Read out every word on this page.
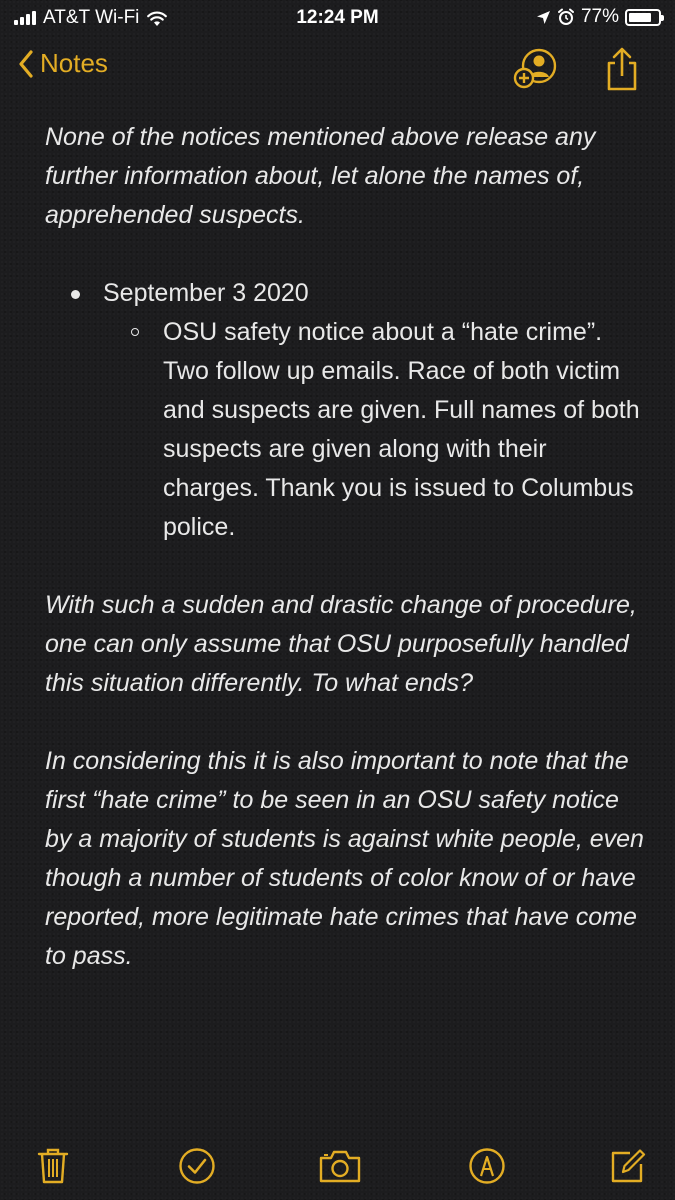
AT&T Wi-Fi	12:24 PM	77%
Notes

None of the notices mentioned above release any further information about, let alone the names of, apprehended suspects.

September 3 2020
OSU safety notice about a “hate crime”. Two follow up emails. Race of both victim and suspects are given. Full names of both suspects are given along with their charges. Thank you is issued to Columbus police.

With such a sudden and drastic change of procedure, one can only assume that OSU purposefully handled this situation differently. To what ends?

In considering this it is also important to note that the first “hate crime” to be seen in an OSU safety notice by a majority of students is against white people, even though a number of students of color know of or have reported, more legitimate hate crimes that have come to pass.
